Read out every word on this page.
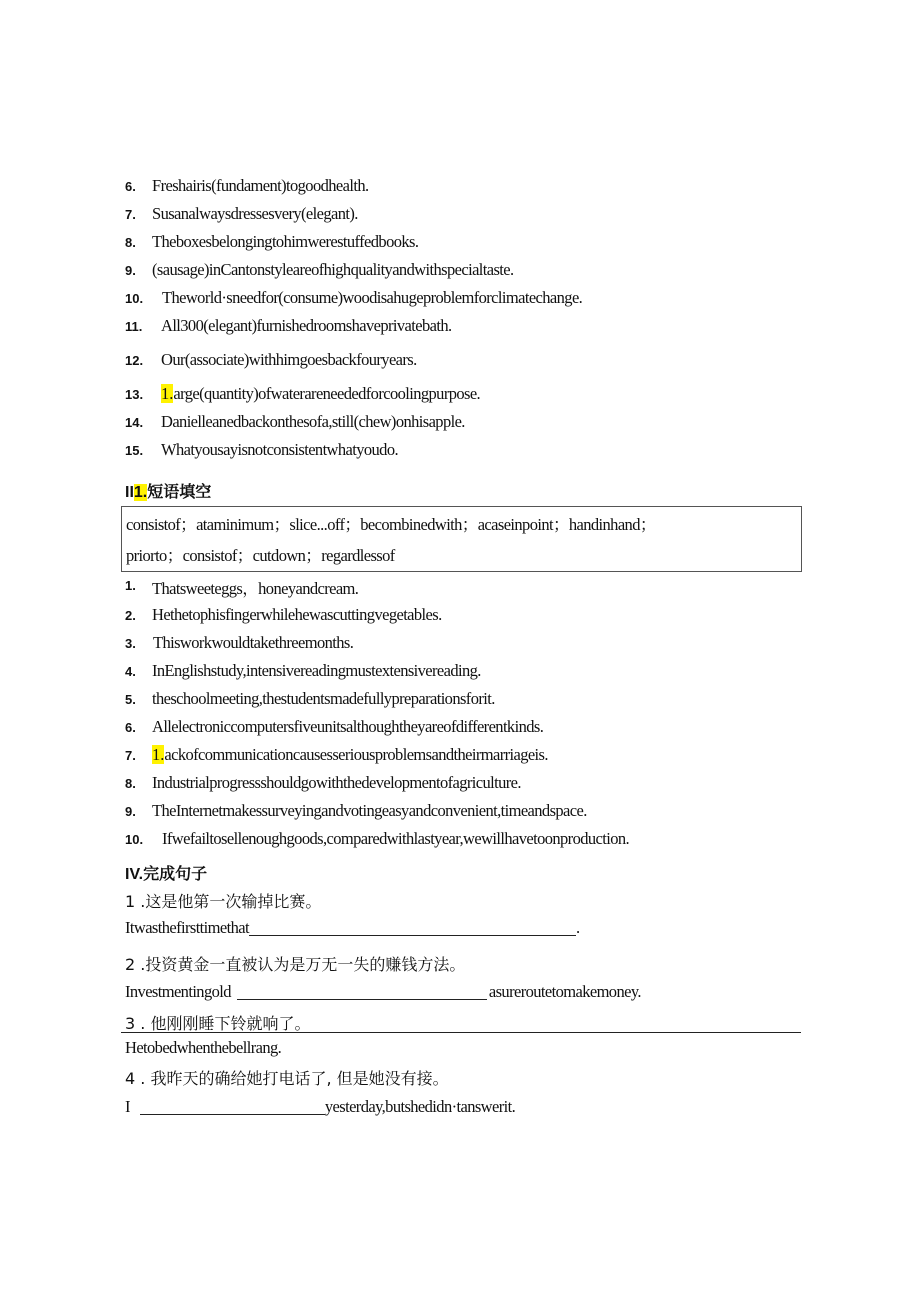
6. Freshairis(fundament)togoodhealth.
7. Susanalwaysdressesvery(elegant).
8. Theboxesbelongingtohimwerestuffedbooks.
9. (sausage)inCantonstyleareofhighqualityandwithspecialtaste.
10. Theworld·sneedfor(consume)woodisahugeproblemforclimatechange.
11. All300(elegant)furnishedroomshaveprivatebath.
12. Our(associate)withhimgoesbackfouryears.
13. 1.arge(quantity)ofwaterareneededforcoolingpurpose.
14. Danielleanedbackonthesofa,still(chew)onhisapple.
15. Whatyousayisnotconsistentwhatyoudo.
II1.短语填空
consistof；ataminimum；slice...off；becombinedwith；acaseinpoint；handinhand；
priorto；consistof；cutdown；regardlessof
1. Thatsweeteggs，honeyandcream.
2. Hethetophisfingerwhilehewascuttingvegetables.
3. Thisworkwouldtakethreemonths.
4. InEnglishstudy,intensivereadingmustextensivereading.
5. theschoolmeeting,thestudentsmadefullypreparationsforit.
6. Allelectroniccomputersfiveunitsalthoughtheyareofdifferentkinds.
7. 1.ackofcommunicationcausesseriousproblemsandtheirmarriageis.
8. Industrialprogressshouldgowiththedevelopmentofagriculture.
9. TheInternetmakessurveyingandvotingeasyandconvenient,timeandspace.
10. Ifwefailtosellenoughgoods,comparedwithlastyear,wewillhavetoonproduction.
IV.完成句子
1 .这是他第一次输掉比赛。
Itwasthefirsttimethat	.
2 .投资黄金一直被认为是万无一失的赚钱方法。
Investmentingold	asureroutetomakemoney.
3 . 他刚刚睡下铃就响了。
Hetobedwhenthebellrang.
4 . 我昨天的确给她打电话了, 但是她没有接。
I	yesterday,butshedidn·tanswerit.
